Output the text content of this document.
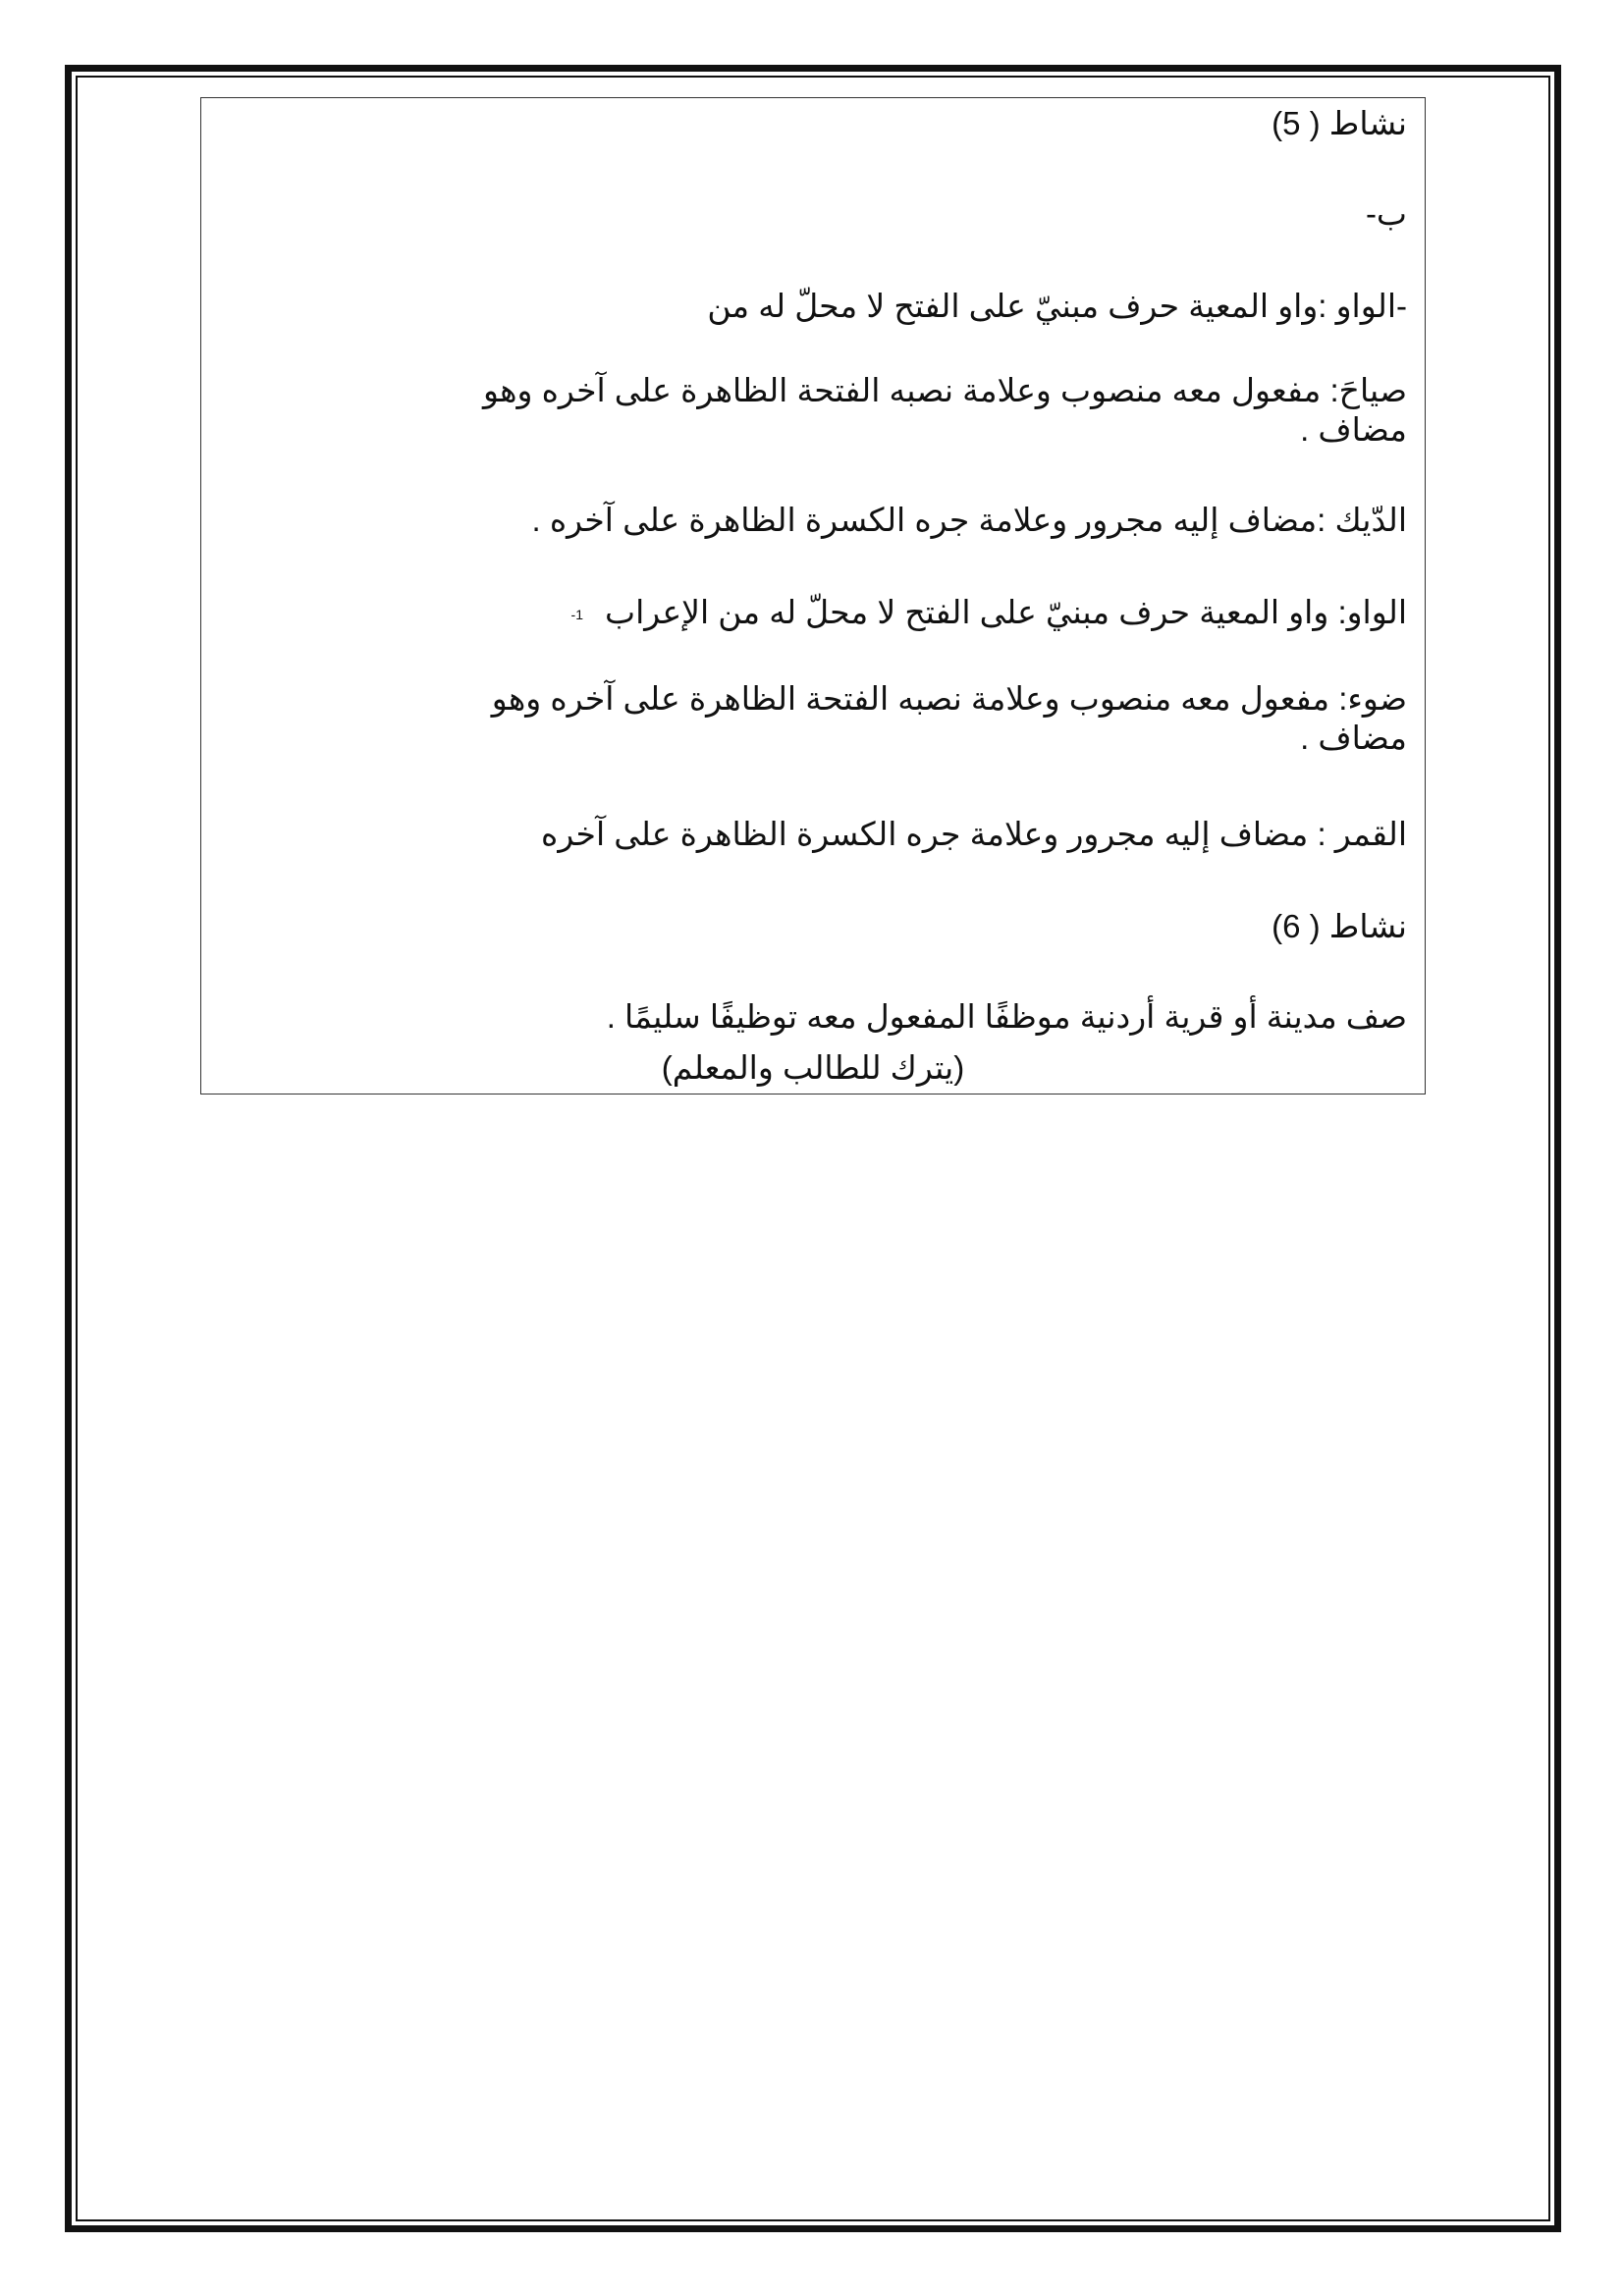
نشاط ( 5)
ب-
-الواو :واو المعية حرف مبنيّ على الفتح لا محلّ له من
صياحَ: مفعول معه منصوب وعلامة نصبه الفتحة الظاهرة على آخره وهو مضاف .
الدّيك :مضاف إليه مجرور وعلامة جره الكسرة الظاهرة على آخره .
الواو: واو المعية حرف مبنيّ على الفتح لا محلّ له من الإعراب1-
ضوء: مفعول معه منصوب وعلامة نصبه الفتحة الظاهرة على آخره وهو مضاف .
القمر : مضاف إليه مجرور وعلامة جره الكسرة الظاهرة على آخره
نشاط ( 6)
صف مدينة أو قرية أردنية موظفًا المفعول معه توظيفًا سليمًا .
(يترك للطالب والمعلم)
